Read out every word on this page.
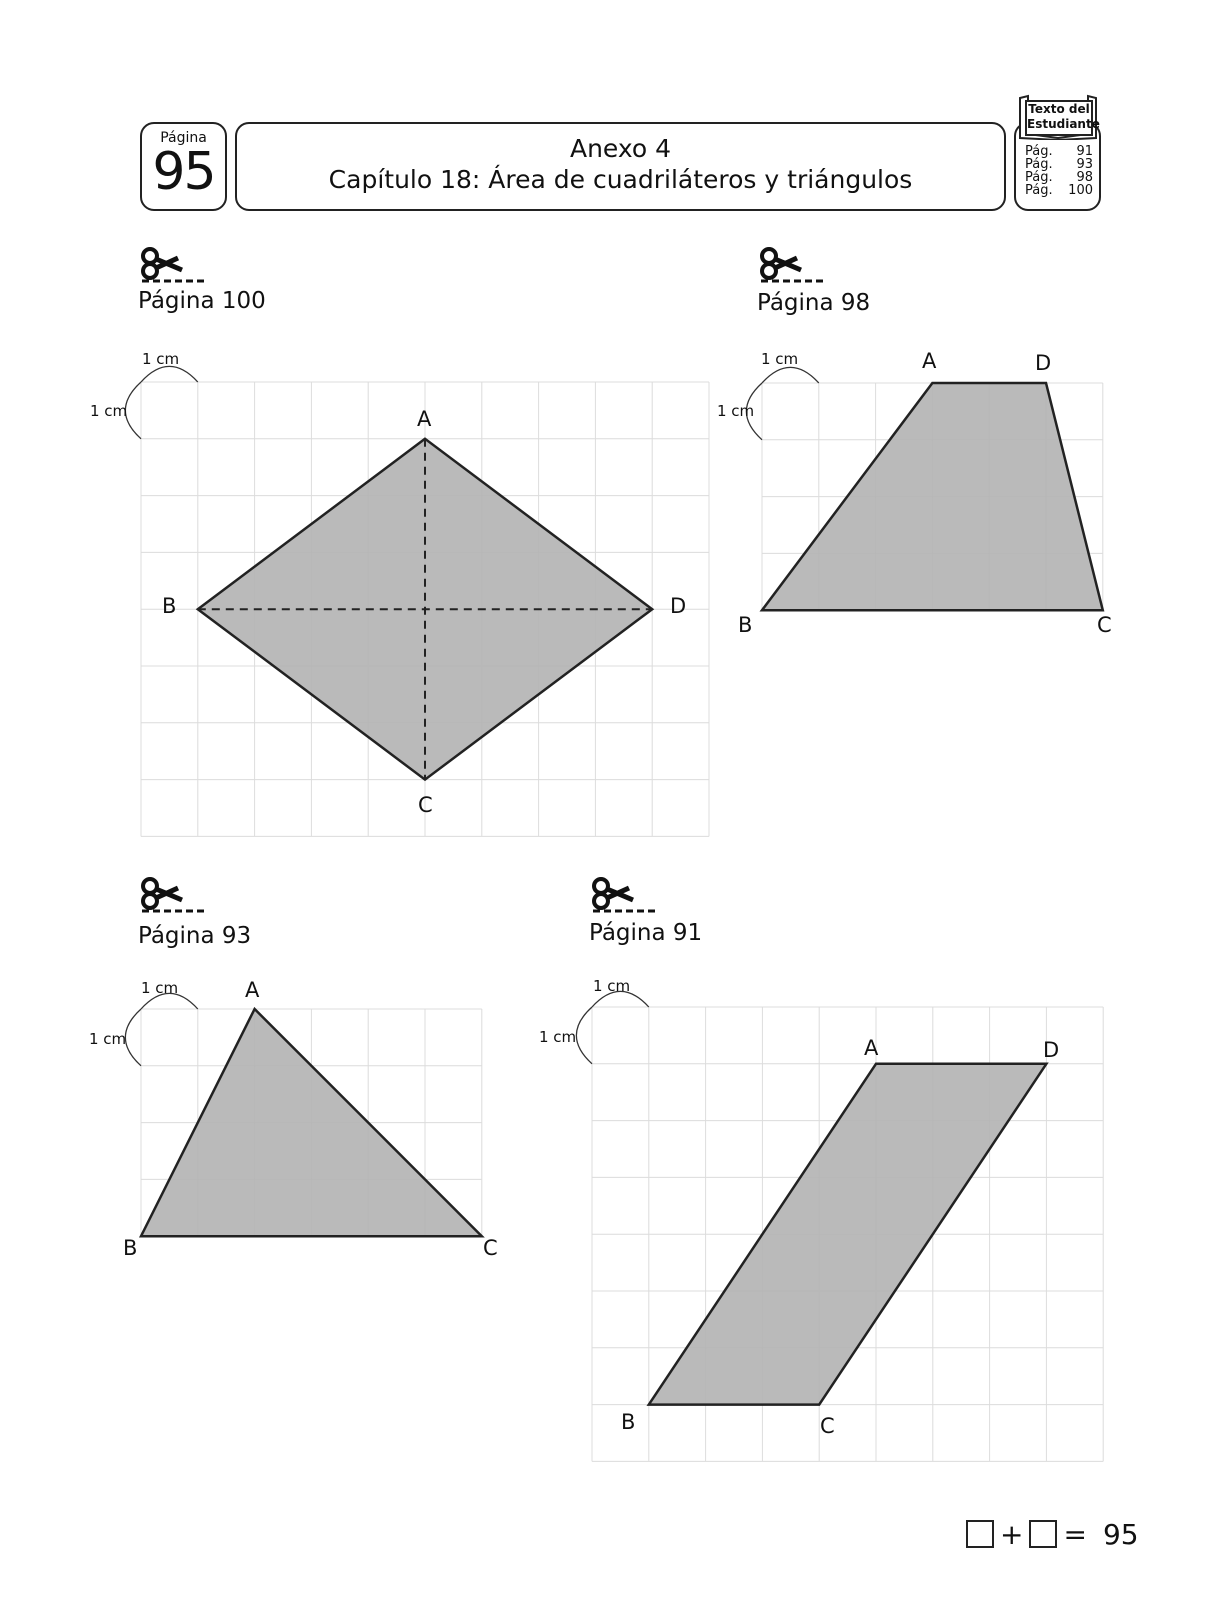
Página
95	Anexo 4
Capítulo 18: Área de cuadriláteros y triángulos
Texto del
Estudiante
Pág. 91
Pág. 93
Pág. 98
Pág. 100
Página 100	Página 98
Página 93	Página 91
1 cm
1 cm
1 cm
1 cm
1 cm
1 cm
1 cm
1 cm
A
B
C
D
A
B	C
D
A
B	C
A
B	C
D
+ = 95
